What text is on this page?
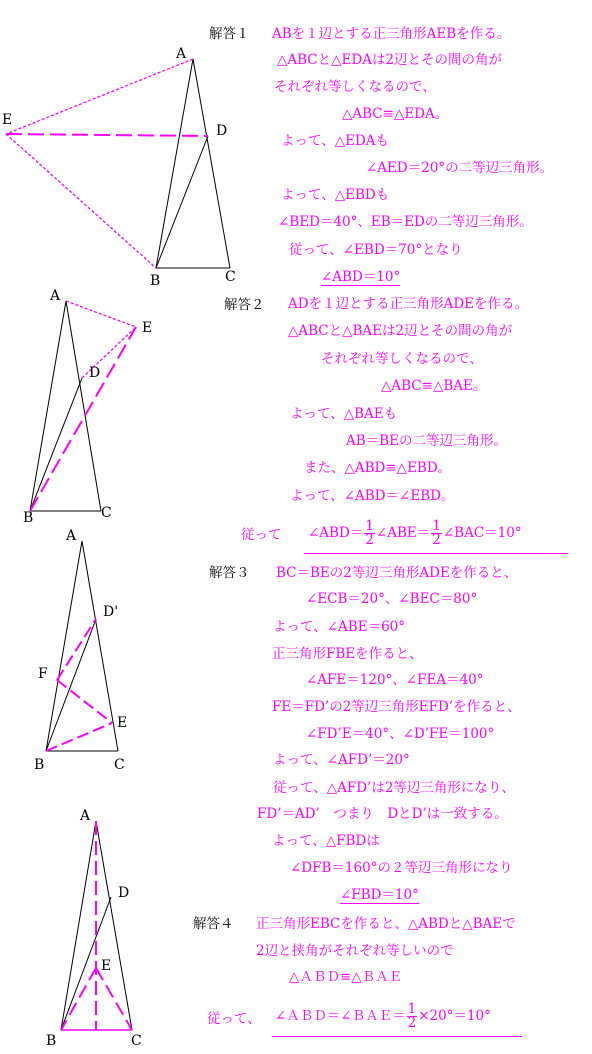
A
B	C
D
E
A
B	C
D
E
A
B	C
D'
E
F
A
B	C
D
E
解答１ ABを１辺とする正三角形AEBを作る。
△ABCと△EDAは2辺とその間の角が
それぞれ等しくなるので、
△ABC≡△EDA。
よって、△EDAも
∠AED＝20°の二等辺三角形。
よって、△EBDも
∠BED＝40°、EB＝EDの二等辺三角形。
従って、∠EBD＝70°となり
∠ABD＝10°
解答２ ADを１辺とする正三角形ADEを作る。
△ABCと△BAEは2辺とその間の角が
それぞれ等しくなるので、
△ABC≡△BAE。
よって、△BAEも
AB＝BEの二等辺三角形。
また、△ABD≡△EBD。
よって、∠ABD＝∠EBD。
従って ∠ABD＝ $\frac{1}{2}$ ∠ABE＝ $\frac{1}{2}$ ∠BAC＝10°
解答３ BC＝BEの2等辺三角形ADEを作ると、
∠ECB＝20°、∠BEC＝80°
よって、∠ABE＝60°
正三角形FBEを作ると、
∠AFE＝120°、∠FEA＝40°
FE＝FD’の2等辺三角形EFD’を作ると、
∠FD’E＝40°、∠D’FE＝100°
よって、∠AFD’＝20°
従って、△AFD’は2等辺三角形になり、
FD’＝AD’　つまり　DとD’は一致する。
よって、△FBDは
∠DFB＝160°の２等辺三角形になり
∠FBD＝10°
解答４ 正三角形EBCを作ると、△ABDと△BAEで
2辺と挟角がそれぞれ等しいので
△ＡＢＤ≡△ＢＡＥ
従って、 ∠ＡＢＤ＝∠ＢＡＥ＝ $\frac{1}{2} \times 20^\circ=10^\circ$
